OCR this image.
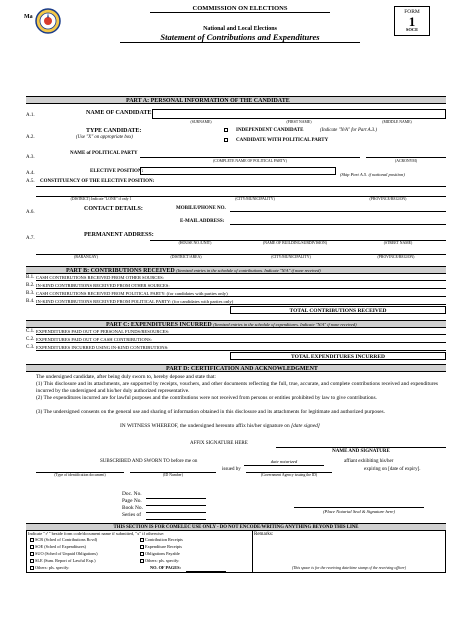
Ma
COMMISSION ON ELECTIONS
National and Local Elections
Statement of Contributions and Expenditures
FORM
1
SOCE
PART A: PERSONAL INFORMATION OF THE CANDIDATE
A.1.	NAME OF CANDIDATE:
(SURNAME)	(FIRST NAME)	(MIDDLE NAME)
A.2.
TYPE CANDIDATE:
(Use "X" on appropriate box)
INDEPENDENT CANDIDATE	(Indicate "N/A" for Part A.3.)
CANDIDATE WITH POLITICAL PARTY
A.3.
NAME of POLITICAL PARTY
(COMPLETE NAME OF POLITICAL PARTY)	(ACRONYM)
A.4.	ELECTIVE POSITION:
(Skip Part A.5. if national position)
A.5. CONSTITUENCY OF THE ELECTIVE POSITION:
(DISTRICT) Indicate "LONE" if only 1	(CITY/MUNICIPALITY)	(PROVINCE/REGION)
A.6.
CONTACT DETAILS:	MOBILE/PHONE NO.
E-MAIL ADDRESS:
A.7.
PERMANENT ADDRESS:
(HOUSE NO./UNIT)	(NAME OF BUILDING/SUBDIVISION)	(STREET NAME)
(BARANGAY)	(DISTRICT/AREA)	(CITY/MUNICIPALITY)	(PROVINCE/REGION)
PART B: CONTRIBUTIONS RECEIVED (Itemized entries in the schedule of contributions. Indicate "N/A" if none received)
B.1. CASH CONTRIBUTIONS RECEIVED FROM OTHER SOURCES:
B.2. IN-KIND CONTRIBUTIONS RECEIVED FROM OTHER SOURCES:
B.3. CASH CONTRIBUTIONS RECEIVED FROM POLITICAL PARTY: (for candidates with parties only)
B.4. IN-KIND CONTRIBUTIONS RECEIVED FROM POLITICAL PARTY: (for candidates with parties only)
TOTAL CONTRIBUTIONS RECEIVED
PART C: EXPENDITURES INCURRED (Itemized entries in the schedule of expenditures. Indicate "N/A" if none received)
C.1. EXPENDITURES PAID OUT OF PERSONAL FUNDS/RESOURCES:
C.2. EXPENDITURES PAID OUT OF CASH CONTRIBUTIONS:
C.3. EXPENDITURES INCURRED USING IN-KIND CONTRIBUTIONS:
TOTAL EXPENDITURES INCURRED
PART D: CERTIFICATION AND ACKNOWLEDGMENT
The undersigned candidate, after being duly sworn to, hereby depose and state that:
(1) This disclosure and its attachments, are supported by receipts, vouchers, and other documents reflecting the full, true, accurate, and complete contributions received and expenditures incurred by the undersigned and his/her duly authorized representative.
(2) The expenditures incurred are for lawful purposes and the contributions were not received from persons or entities prohibited by law to give contributions.
(3) The undersigned consents on the general use and sharing of information obtained in this disclosure and its attachments for legitimate and authorized purposes.
IN WITNESS WHEREOF, the undersigned hereunto affix his/her signature on [date signed]
AFFIX SIGNATURE HERE
NAME AND SIGNATURE
SUBSCRIBED AND SWORN TO before me on	date notarized	affiant exhibiting his/her
issued by	expiring on [date of expiry].
(Type of identification document)	(ID Number)	(Government Agency issuing the ID)
Doc. No.
Page No.
Book No.
Series of
(Place Notarial Seal & Signature here)
THIS SECTION IS FOR COMELEC USE ONLY - DO NOT ENCODE/WRITING ANYTHING BEYOND THIS LINE
Indicate "✓" beside form code/document name if submitted, "x" if otherwise:	Remarks:
SCR (Sched of Contributions Rcvd)
SOE (Sched of Expenditures)
SUO (Sched of Unpaid Obligations)
SLE (Sum. Report of Lawful Exp.)
Others: pls. specify:
Contribution Receipts
Expenditure Receipts
Obligations Payable
Others: pls. specify:
NO. OF PAGES:	(This space is for the receiving date/time stamp of the receiving officer)
